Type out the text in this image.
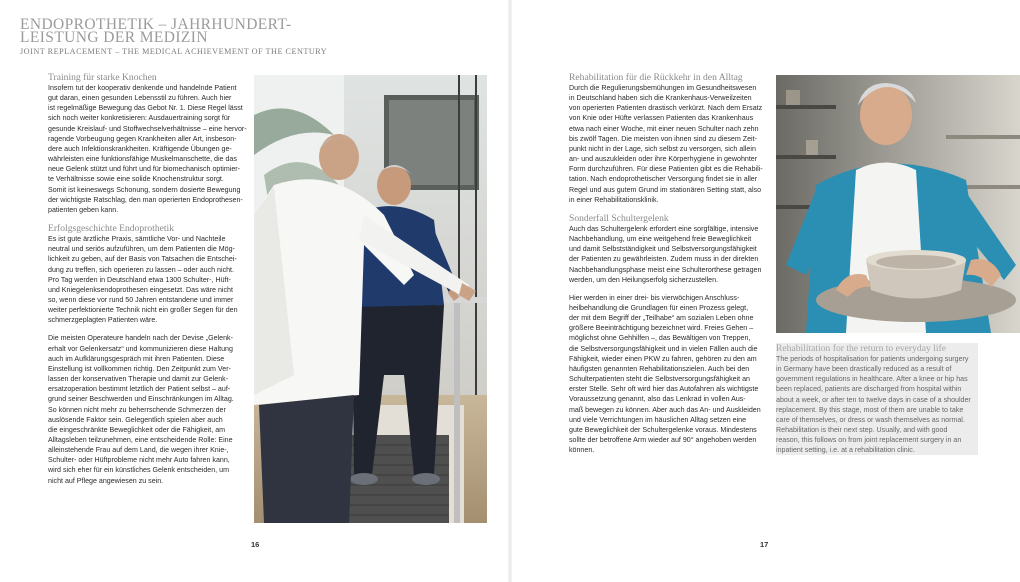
ENDOPROTHETIK – JAHRHUNDERT-
LEISTUNG DER MEDIZIN
JOINT REPLACEMENT – THE MEDICAL ACHIEVEMENT OF THE CENTURY
Training für starke Knochen

Insofern tut der kooperativ denkende und handelnde Patient
gut daran, einen gesunden Lebensstil zu führen. Auch hier
ist regelmäßige Bewegung das Gebot Nr. 1. Diese Regel lässt
sich noch weiter konkretisieren: Ausdauertraining sorgt für
gesunde Kreislauf- und Stoffwechselverhältnisse – eine hervor-
ragende Vorbeugung gegen Krankheiten aller Art, insbeson-
dere auch Infektionskrankheiten. Kräftigende Übungen ge-
währleisten eine funktionsfähige Muskelmanschette, die das
neue Gelenk stützt und führt und für biomechanisch optimier-
te Verhältnisse sowie eine solide Knochenstruktur sorgt.
Somit ist keineswegs Schonung, sondern dosierte Bewegung
der wichtigste Ratschlag, den man operierten Endoprothesen-
patienten geben kann.

Erfolgsgeschichte Endoprothetik

Es ist gute ärztliche Praxis, sämtliche Vor- und Nachteile
neutral und seriös aufzuführen, um dem Patienten die Mög-
lichkeit zu geben, auf der Basis von Tatsachen die Entschei-
dung zu treffen, sich operieren zu lassen – oder auch nicht.
Pro Tag werden in Deutschland etwa 1300 Schulter-, Hüft-
und Kniegelenksendoprothesen eingesetzt. Das wäre nicht
so, wenn diese vor rund 50 Jahren entstandene und immer
weiter perfektionierte Technik nicht ein großer Segen für den
schmerzgeplagten Patienten wäre.

Die meisten Operateure handeln nach der Devise „Gelenk-
erhalt vor Gelenkersatz“ und kommunizieren diese Haltung
auch im Aufklärungsgespräch mit ihren Patienten. Diese
Einstellung ist vollkommen richtig. Den Zeitpunkt zum Ver-
lassen der konservativen Therapie und damit zur Gelenk-
ersatzoperation bestimmt letztlich der Patient selbst – auf-
grund seiner Beschwerden und Einschränkungen im Alltag.
So können nicht mehr zu beherrschende Schmerzen der
auslösende Faktor sein. Gelegentlich spielen aber auch
die eingeschränkte Beweglichkeit oder die Fähigkeit, am
Alltagsleben teilzunehmen, eine entscheidende Rolle: Eine
alleinstehende Frau auf dem Land, die wegen ihrer Knie-,
Schulter- oder Hüftprobleme nicht mehr Auto fahren kann,
wird sich eher für ein künstliches Gelenk entscheiden, um
nicht auf Pflege angewiesen zu sein.

16
Rehabilitation für die Rückkehr in den Alltag

Durch die Regulierungsbemühungen im Gesundheitswesen
in Deutschland haben sich die Krankenhaus-Verweilzeiten
von operierten Patienten drastisch verkürzt. Nach dem Ersatz
von Knie oder Hüfte verlassen Patienten das Krankenhaus
etwa nach einer Woche, mit einer neuen Schulter nach zehn
bis zwölf Tagen. Die meisten von ihnen sind zu diesem Zeit-
punkt nicht in der Lage, sich selbst zu versorgen, sich allein
an- und auszukleiden oder ihre Körperhygiene in gewohnter
Form durchzuführen. Für diese Patienten gibt es die Rehabili-
tation. Nach endoprothetischer Versorgung findet sie in aller
Regel und aus gutem Grund im stationären Setting statt, also
in einer Rehabilitationsklinik.

Sonderfall Schultergelenk

Auch das Schultergelenk erfordert eine sorgfältige, intensive
Nachbehandlung, um eine weitgehend freie Beweglichkeit
und damit Selbstständigkeit und Selbstversorgungsfähigkeit
der Patienten zu gewährleisten. Zudem muss in der direkten
Nachbehandlungsphase meist eine Schulterorthese getragen
werden, um den Heilungserfolg sicherzustellen.

Hier werden in einer drei- bis vierwöchigen Anschluss-
heilbehandlung die Grundlagen für einen Prozess gelegt,
der mit dem Begriff der „Teilhabe“ am sozialen Leben ohne
größere Beeinträchtigung bezeichnet wird. Freies Gehen –
möglichst ohne Gehhilfen –, das Bewältigen von Treppen,
die Selbstversorgungsfähigkeit und in vielen Fällen auch die
Fähigkeit, wieder einen PKW zu fahren, gehören zu den am
häufigsten genannten Rehabilitationszielen. Auch bei den
Schulterpatienten steht die Selbstversorgungsfähigkeit an
erster Stelle. Sehr oft wird hier das Autofahren als wichtigste
Voraussetzung genannt, also das Lenkrad in vollen Aus-
maß bewegen zu können. Aber auch das An- und Auskleiden
und viele Verrichtungen im häuslichen Alltag setzen eine
gute Beweglichkeit der Schultergelenke voraus. Mindestens
sollte der betroffene Arm wieder auf 90° angehoben werden
können.

Rehabilitation for the return to everyday life

The periods of hospitalisation for patients undergoing surgery
in Germany have been drastically reduced as a result of
government regulations in healthcare. After a knee or hip has
been replaced, patients are discharged from hospital within
about a week, or after ten to twelve days in case of a shoulder
replacement. By this stage, most of them are unable to take
care of themselves, or dress or wash themselves as normal.
Rehabilitation is their next step. Usually, and with good
reason, this follows on from joint replacement surgery in an
inpatient setting, i.e. at a rehabilitation clinic.

17
